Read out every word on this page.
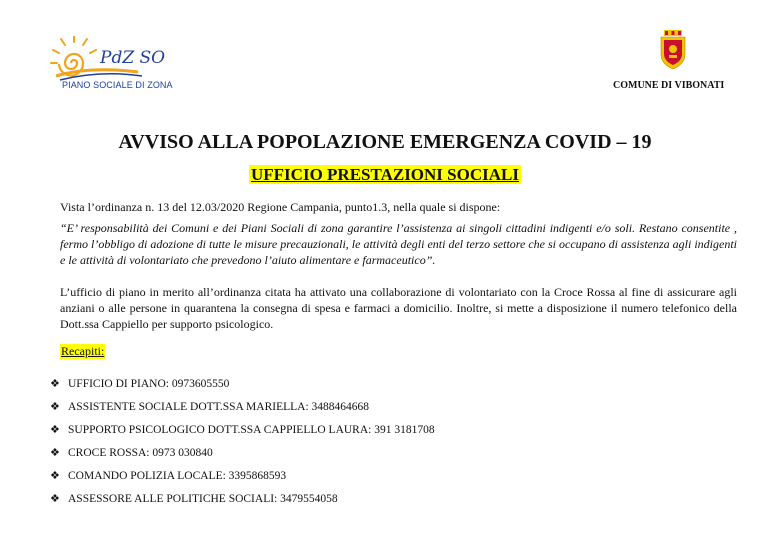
PdZ SO
PIANO SOCIALE DI ZONA	COMUNE DI VIBONATI
AVVISO ALLA POPOLAZIONE EMERGENZA COVID – 19
UFFICIO PRESTAZIONI SOCIALI
Vista l’ordinanza n. 13 del 12.03/2020 Regione Campania, punto1.3, nella quale si dispone:
“E’ responsabilità dei Comuni e dei Piani Sociali di zona garantire l’assistenza ai singoli cittadini indigenti e/o soli. Restano consentite , fermo l’obbligo di adozione di tutte le misure precauzionali, le attività degli enti del terzo settore che si occupano di assistenza agli indigenti e le attività di volontariato che prevedono l’aiuto alimentare e farmaceutico”.
L’ufficio di piano in merito all’ordinanza citata ha attivato una collaborazione di volontariato con la Croce Rossa al fine di assicurare agli anziani o alle persone in quarantena la consegna di spesa e farmaci a domicilio. Inoltre, si mette a disposizione il numero telefonico della Dott.ssa Cappiello per supporto psicologico.
Recapiti:
❖ UFFICIO DI PIANO: 0973605550
❖ ASSISTENTE SOCIALE DOTT.SSA MARIELLA: 3488464668
❖ SUPPORTO PSICOLOGICO DOTT.SSA CAPPIELLO LAURA: 391 3181708
❖ CROCE ROSSA: 0973 030840
❖ COMANDO POLIZIA LOCALE: 3395868593
❖ ASSESSORE ALLE POLITICHE SOCIALI: 3479554058
